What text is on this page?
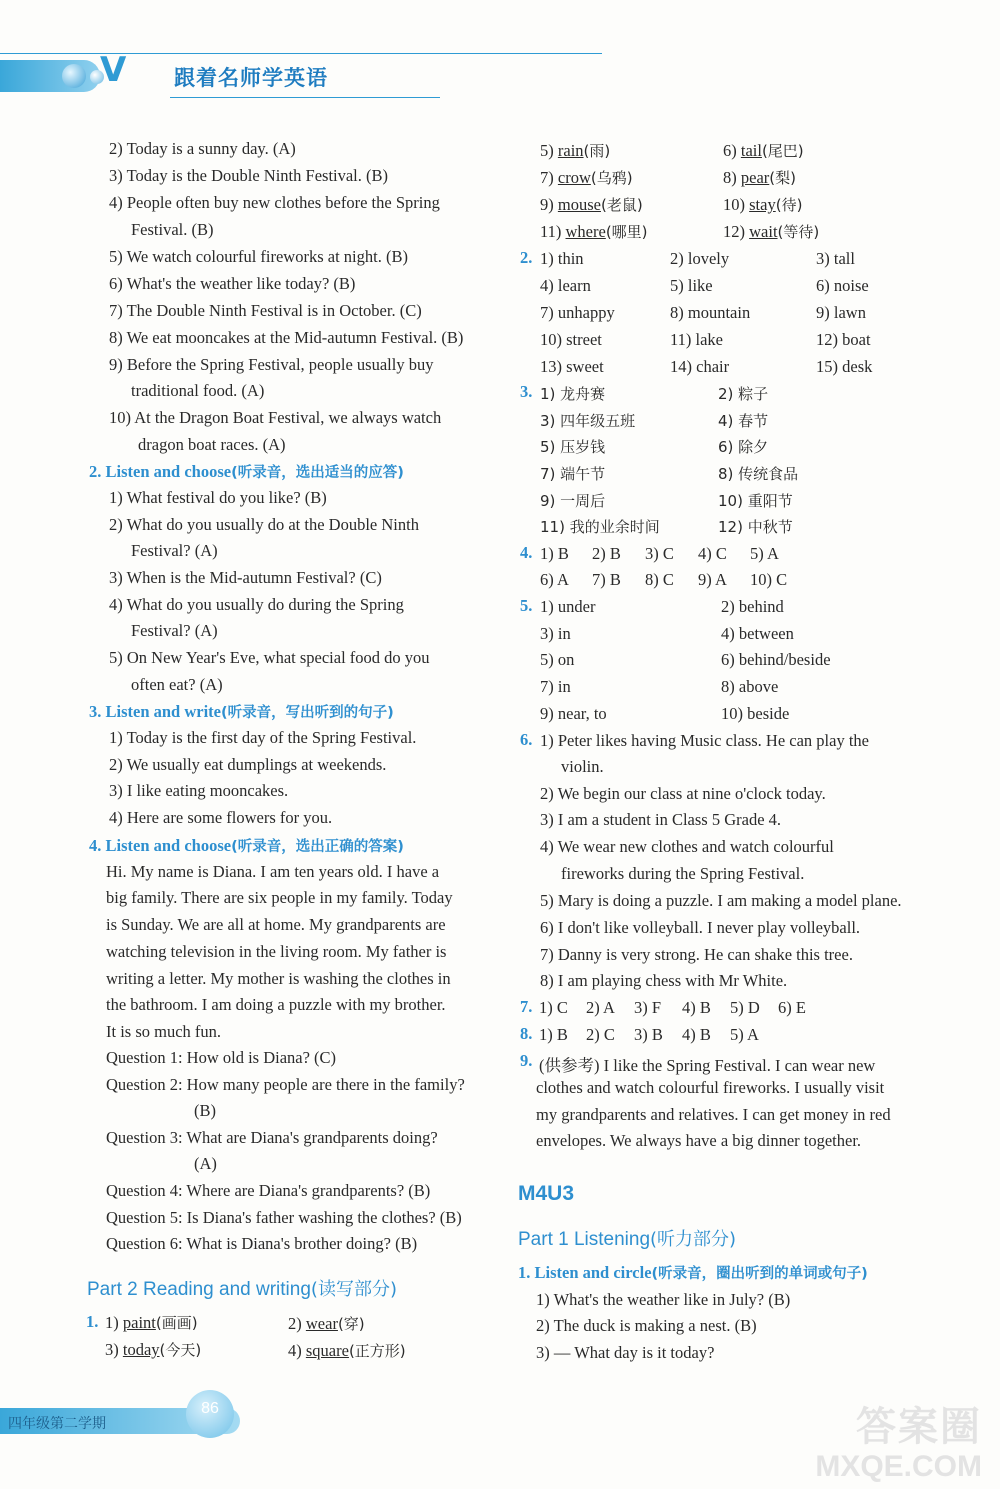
V 跟着名师学英语
2) Today is a sunny day. (A)
3) Today is the Double Ninth Festival. (B)
4) People often buy new clothes before the Spring
Festival. (B)
5) We watch colourful fireworks at night. (B)
6) What's the weather like today? (B)
7) The Double Ninth Festival is in October. (C)
8) We eat mooncakes at the Mid-autumn Festival. (B)
9) Before the Spring Festival, people usually buy
traditional food. (A)
10) At the Dragon Boat Festival, we always watch
dragon boat races. (A)
2. Listen and choose(听录音，选出适当的应答)
1) What festival do you like? (B)
2) What do you usually do at the Double Ninth
Festival? (A)
3) When is the Mid-autumn Festival? (C)
4) What do you usually do during the Spring
Festival? (A)
5) On New Year's Eve, what special food do you
often eat? (A)
3. Listen and write(听录音，写出听到的句子)
1) Today is the first day of the Spring Festival.
2) We usually eat dumplings at weekends.
3) I like eating mooncakes.
4) Here are some flowers for you.
4. Listen and choose(听录音，选出正确的答案)
Hi. My name is Diana. I am ten years old. I have a
big family. There are six people in my family. Today
is Sunday. We are all at home. My grandparents are
watching television in the living room. My father is
writing a letter. My mother is washing the clothes in
the bathroom. I am doing a puzzle with my brother.
It is so much fun.
Question 1: How old is Diana? (C)
Question 2: How many people are there in the family?
(B)
Question 3: What are Diana's grandparents doing?
(A)
Question 4: Where are Diana's grandparents? (B)
Question 5: Is Diana's father washing the clothes? (B)
Question 6: What is Diana's brother doing? (B)
Part 2 Reading and writing(读写部分)
1. 1) paint(画画)	2) wear(穿)
3) today(今天)	4) square(正方形)
5) rain(雨)	6) tail(尾巴)
7) crow(乌鸦)	8) pear(梨)
9) mouse(老鼠)	10) stay(待)
11) where(哪里)	12) wait(等待)
2. 1) thin	2) lovely	3) tall
4) learn	5) like	6) noise
7) unhappy	8) mountain	9) lawn
10) street	11) lake	12) boat
13) sweet	14) chair	15) desk
3. 1) 龙舟赛	2) 粽子
3) 四年级五班	4) 春节
5) 压岁钱	6) 除夕
7) 端午节	8) 传统食品
9) 一周后	10) 重阳节
11) 我的业余时间	12) 中秋节
4. 1) B 2) B 3) C 4) C 5) A
6) A 7) B 8) C 9) A 10) C
5. 1) under	2) behind
3) in	4) between
5) on	6) behind/beside
7) in	8) above
9) near, to	10) beside
6. 1) Peter likes having Music class. He can play the
violin.
2) We begin our class at nine o'clock today.
3) I am a student in Class 5 Grade 4.
4) We wear new clothes and watch colourful
fireworks during the Spring Festival.
5) Mary is doing a puzzle. I am making a model plane.
6) I don't like volleyball. I never play volleyball.
7) Danny is very strong. He can shake this tree.
8) I am playing chess with Mr White.
7. 1) C 2) A 3) F 4) B 5) D 6) E
8. 1) B 2) C 3) B 4) B 5) A
9. (供参考) I like the Spring Festival. I can wear new
clothes and watch colourful fireworks. I usually visit
my grandparents and relatives. I can get money in red
envelopes. We always have a big dinner together.
M4U3
Part 1 Listening(听力部分)
1. Listen and circle(听录音，圈出听到的单词或句子)
1) What's the weather like in July? (B)
2) The duck is making a nest. (B)
3) — What day is it today?
四年级第二学期
86	答案圈
MXQE.COM
